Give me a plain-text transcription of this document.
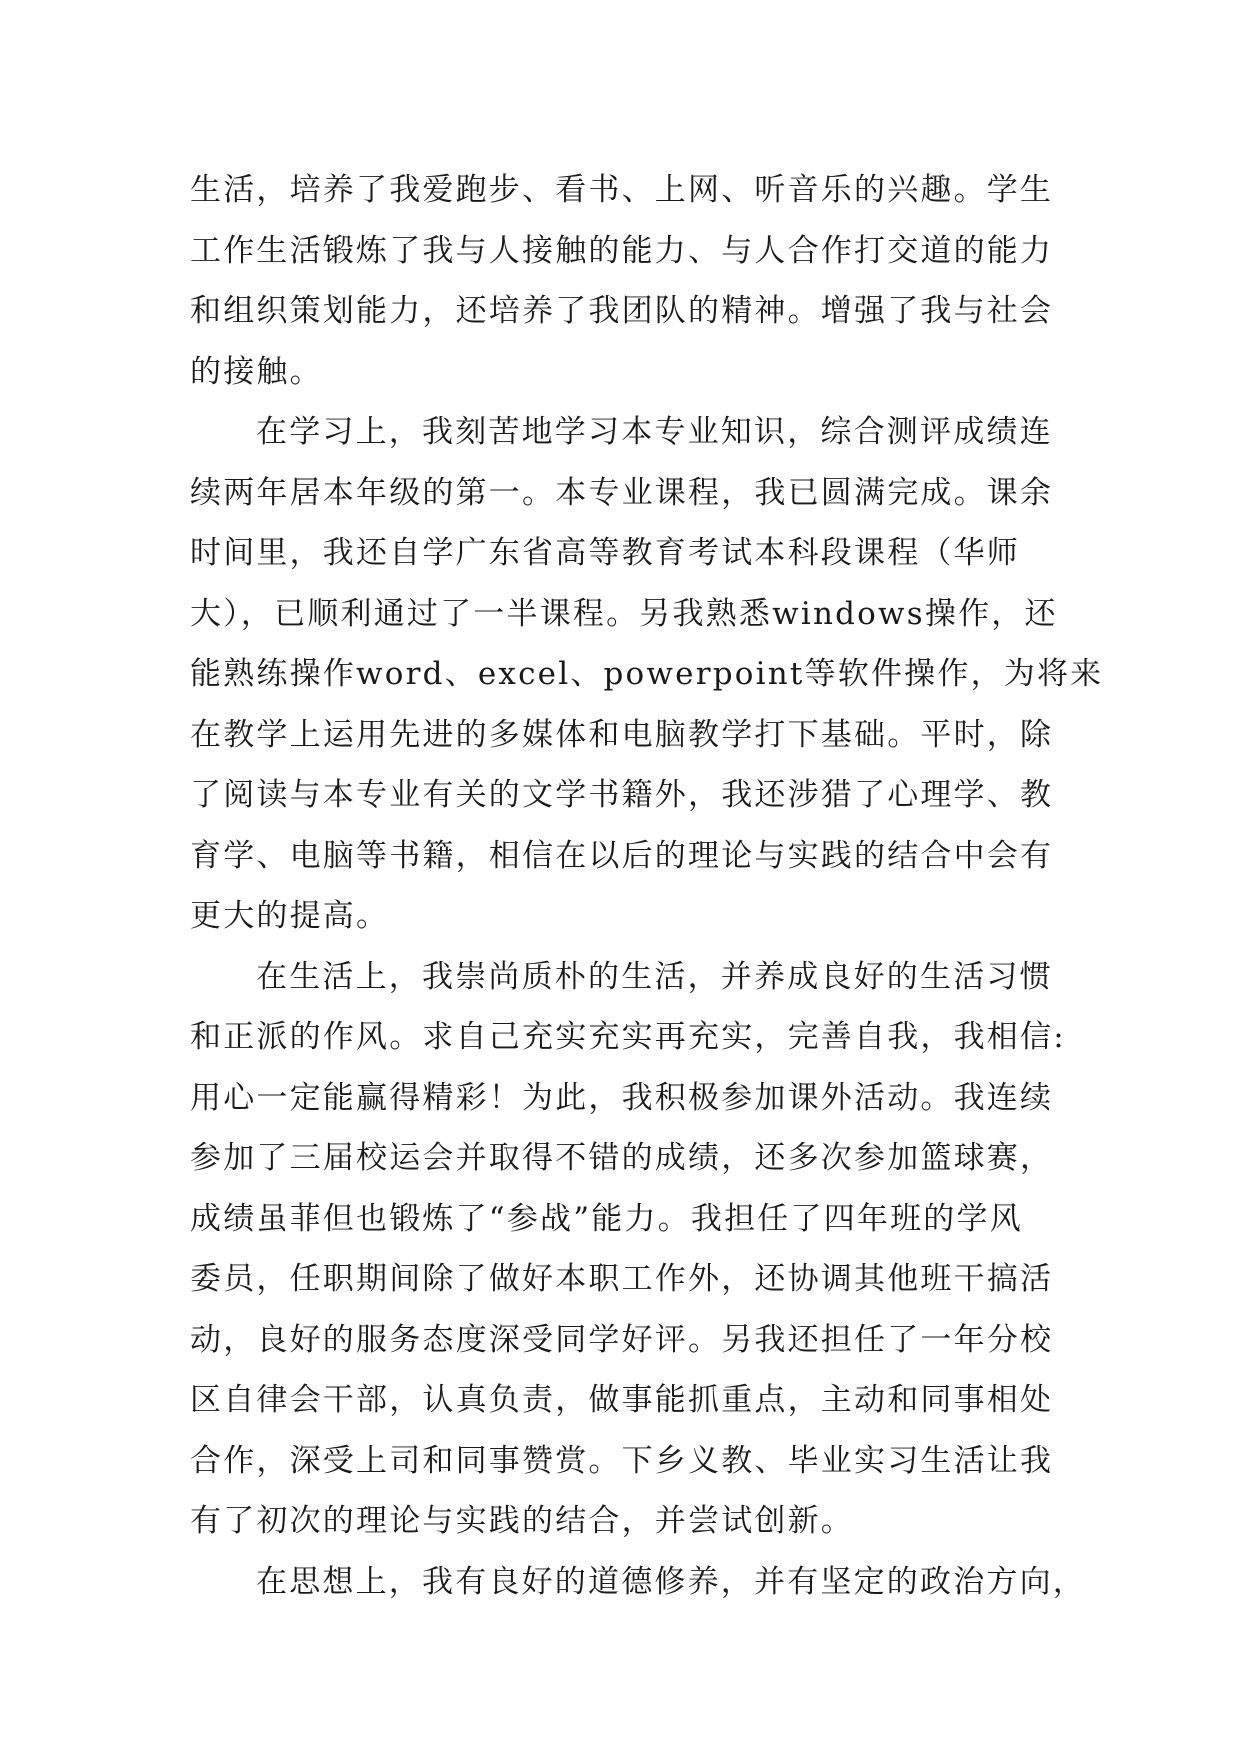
生活，培养了我爱跑步、看书、上网、听音乐的兴趣。学生
工作生活锻炼了我与人接触的能力、与人合作打交道的能力
和组织策划能力，还培养了我团队的精神。增强了我与社会
的接触。
在学习上，我刻苦地学习本专业知识，综合测评成绩连
续两年居本年级的第一。本专业课程，我已圆满完成。课余
时间里，我还自学广东省高等教育考试本科段课程（华师
大），已顺利通过了一半课程。另我熟悉windows操作，还
能熟练操作word、excel、powerpoint等软件操作，为将来
在教学上运用先进的多媒体和电脑教学打下基础。平时，除
了阅读与本专业有关的文学书籍外，我还涉猎了心理学、教
育学、电脑等书籍，相信在以后的理论与实践的结合中会有
更大的提高。
在生活上，我崇尚质朴的生活，并养成良好的生活习惯
和正派的作风。求自己充实充实再充实，完善自我，我相信:
用心一定能赢得精彩！为此，我积极参加课外活动。我连续
参加了三届校运会并取得不错的成绩，还多次参加篮球赛，
成绩虽菲但也锻炼了“参战”能力。我担任了四年班的学风
委员，任职期间除了做好本职工作外，还协调其他班干搞活
动，良好的服务态度深受同学好评。另我还担任了一年分校
区自律会干部，认真负责，做事能抓重点，主动和同事相处
合作，深受上司和同事赞赏。下乡义教、毕业实习生活让我
有了初次的理论与实践的结合，并尝试创新。
在思想上，我有良好的道德修养，并有坚定的政治方向，
